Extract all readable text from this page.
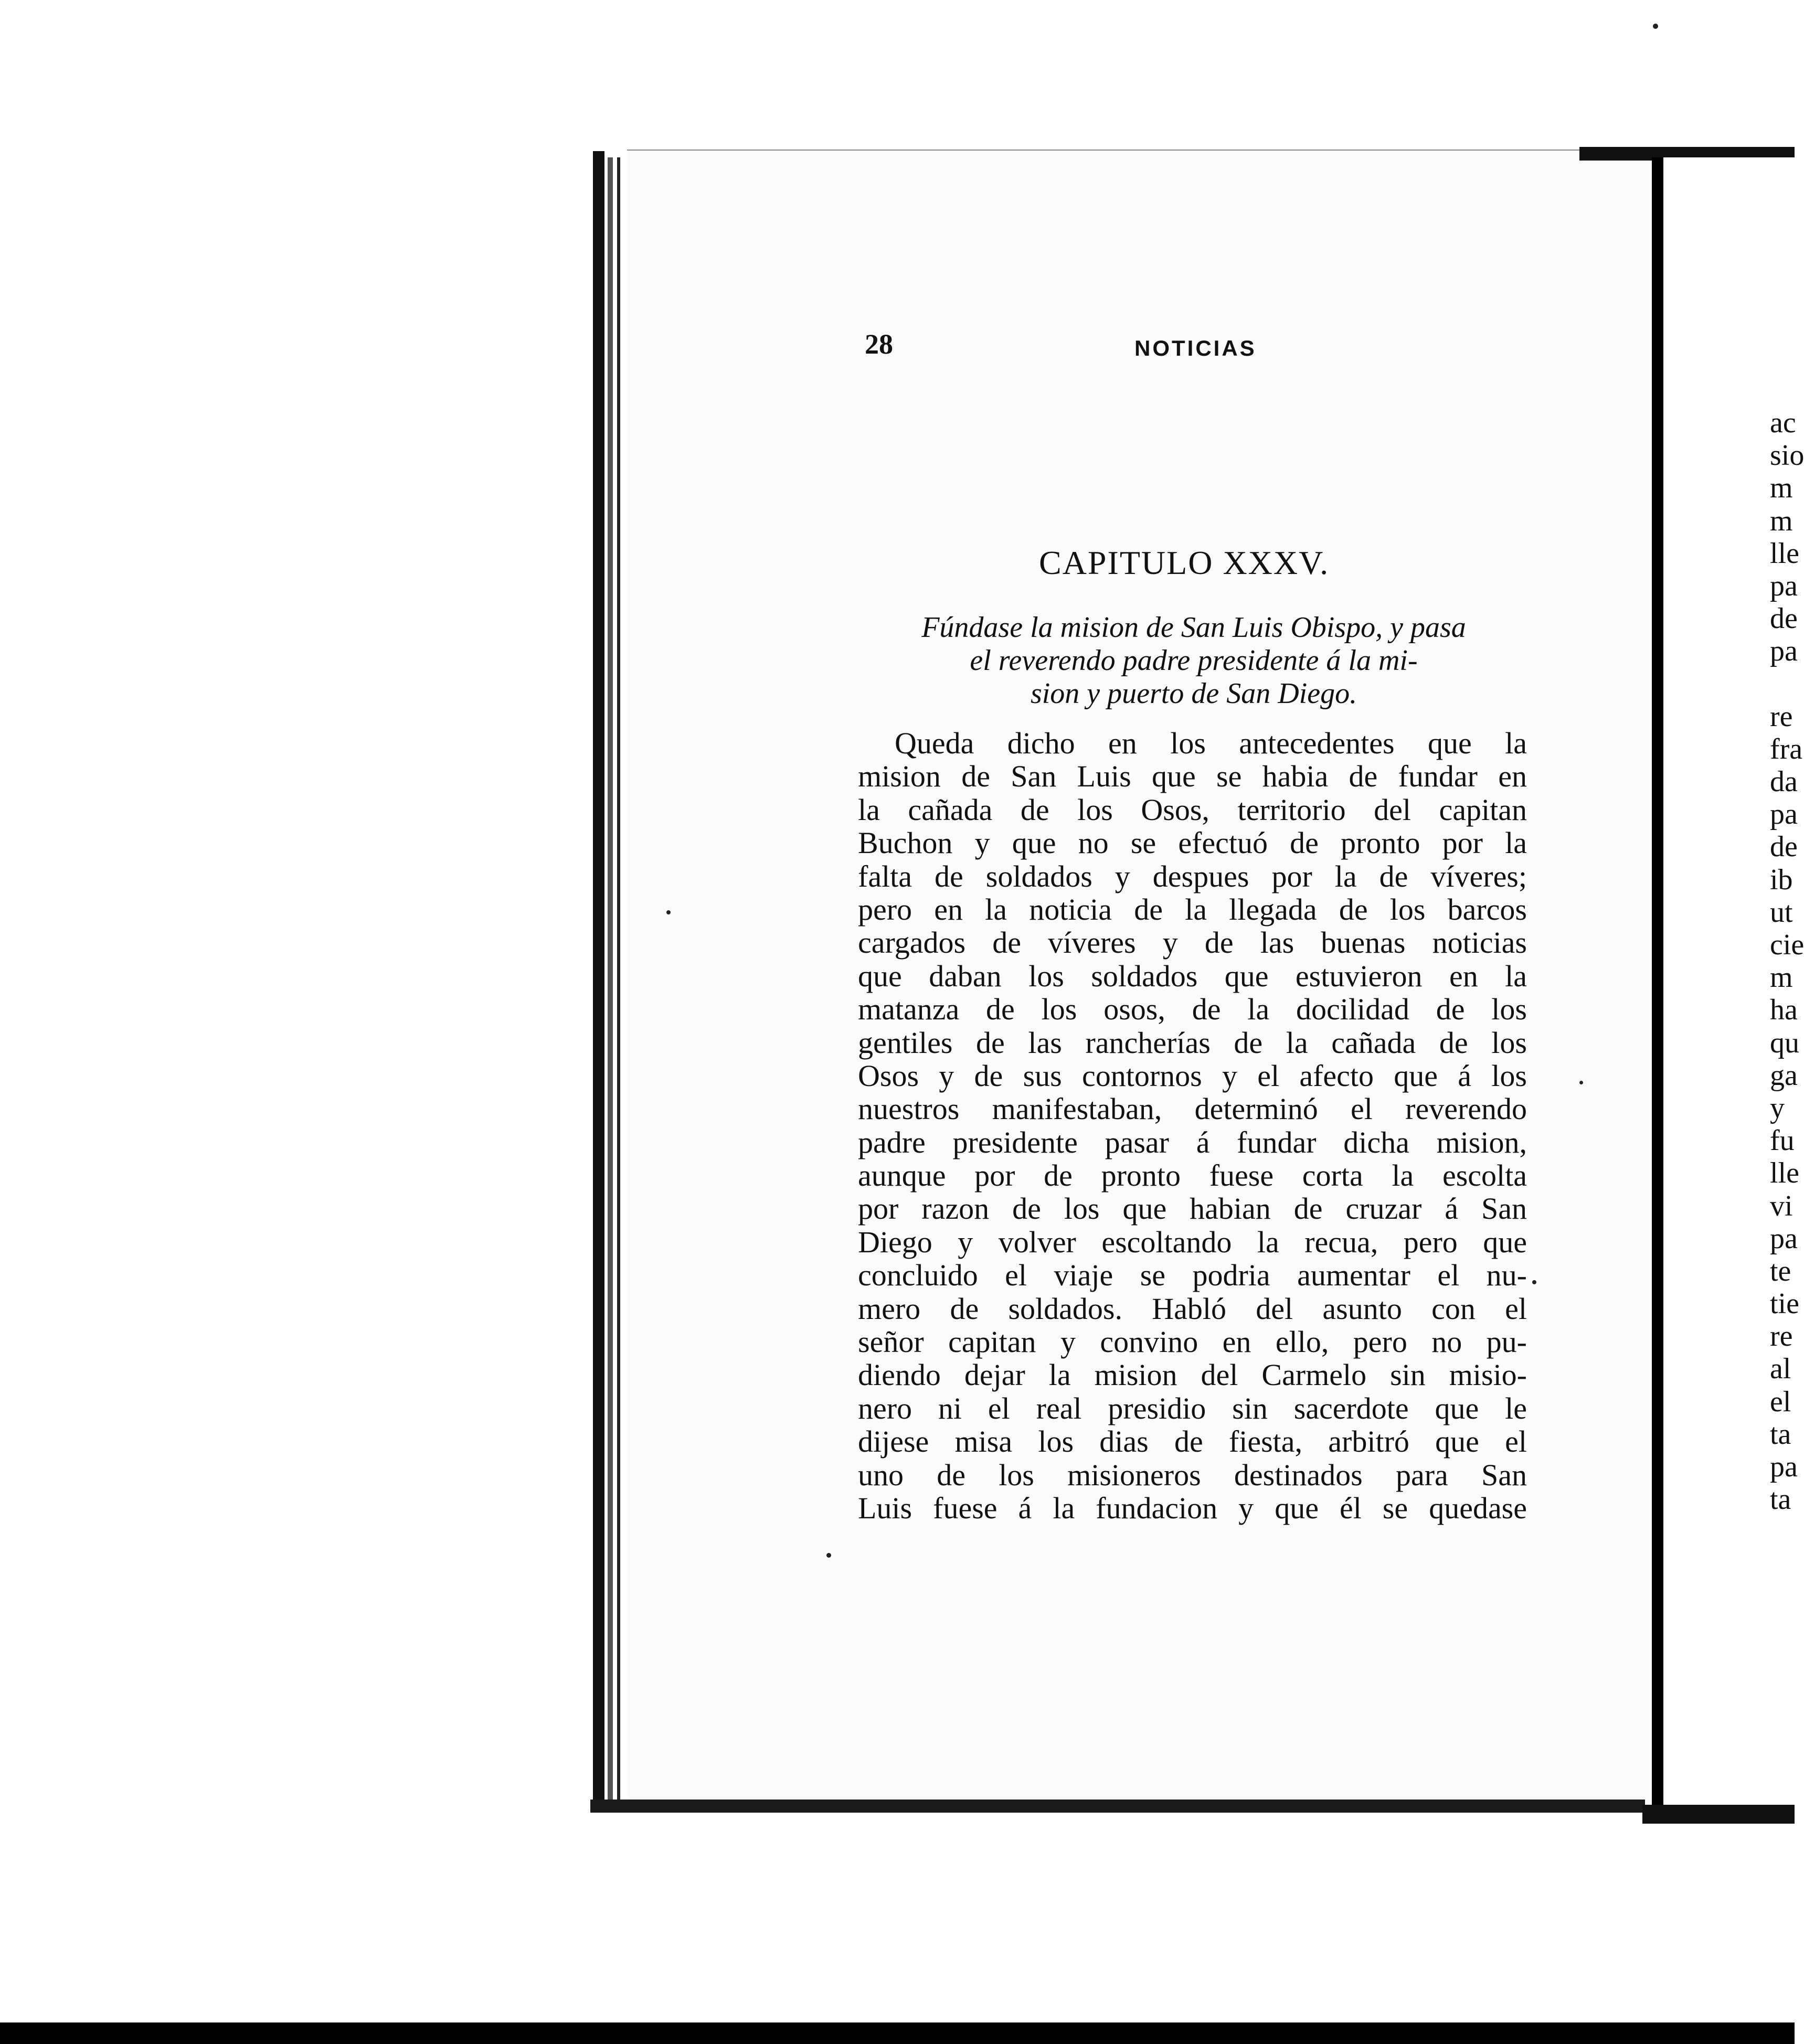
ac
sio
m
m
lle
pa
de
pa
re
fra
da
pa
de
ib
ut
cie
m
ha
qu
ga
y
fu
lle
vi
pa
te
tie
re
al
el
ta
pa
ta
28	NOTICIAS
CAPITULO XXXV.
Fúndase la mision de San Luis Obispo, y pasa
el reverendo padre presidente á la mi-
sion y puerto de San Diego.
Queda dicho en los antecedentes que la
mision de San Luis que se habia de fundar en
la cañada de los Osos, territorio del capitan
Buchon y que no se efectuó de pronto por la
falta de soldados y despues por la de víveres;
pero en la noticia de la llegada de los barcos
cargados de víveres y de las buenas noticias
que daban los soldados que estuvieron en la
matanza de los osos, de la docilidad de los
gentiles de las rancherías de la cañada de los
Osos y de sus contornos y el afecto que á los
nuestros manifestaban, determinó el reverendo
padre presidente pasar á fundar dicha mision,
aunque por de pronto fuese corta la escolta
por razon de los que habian de cruzar á San
Diego y volver escoltando la recua, pero que
concluido el viaje se podria aumentar el nu-
mero de soldados. Habló del asunto con el
señor capitan y convino en ello, pero no pu-
diendo dejar la mision del Carmelo sin misio-
nero ni el real presidio sin sacerdote que le
dijese misa los dias de fiesta, arbitró que el
uno de los misioneros destinados para San
Luis fuese á la fundacion y que él se quedase
